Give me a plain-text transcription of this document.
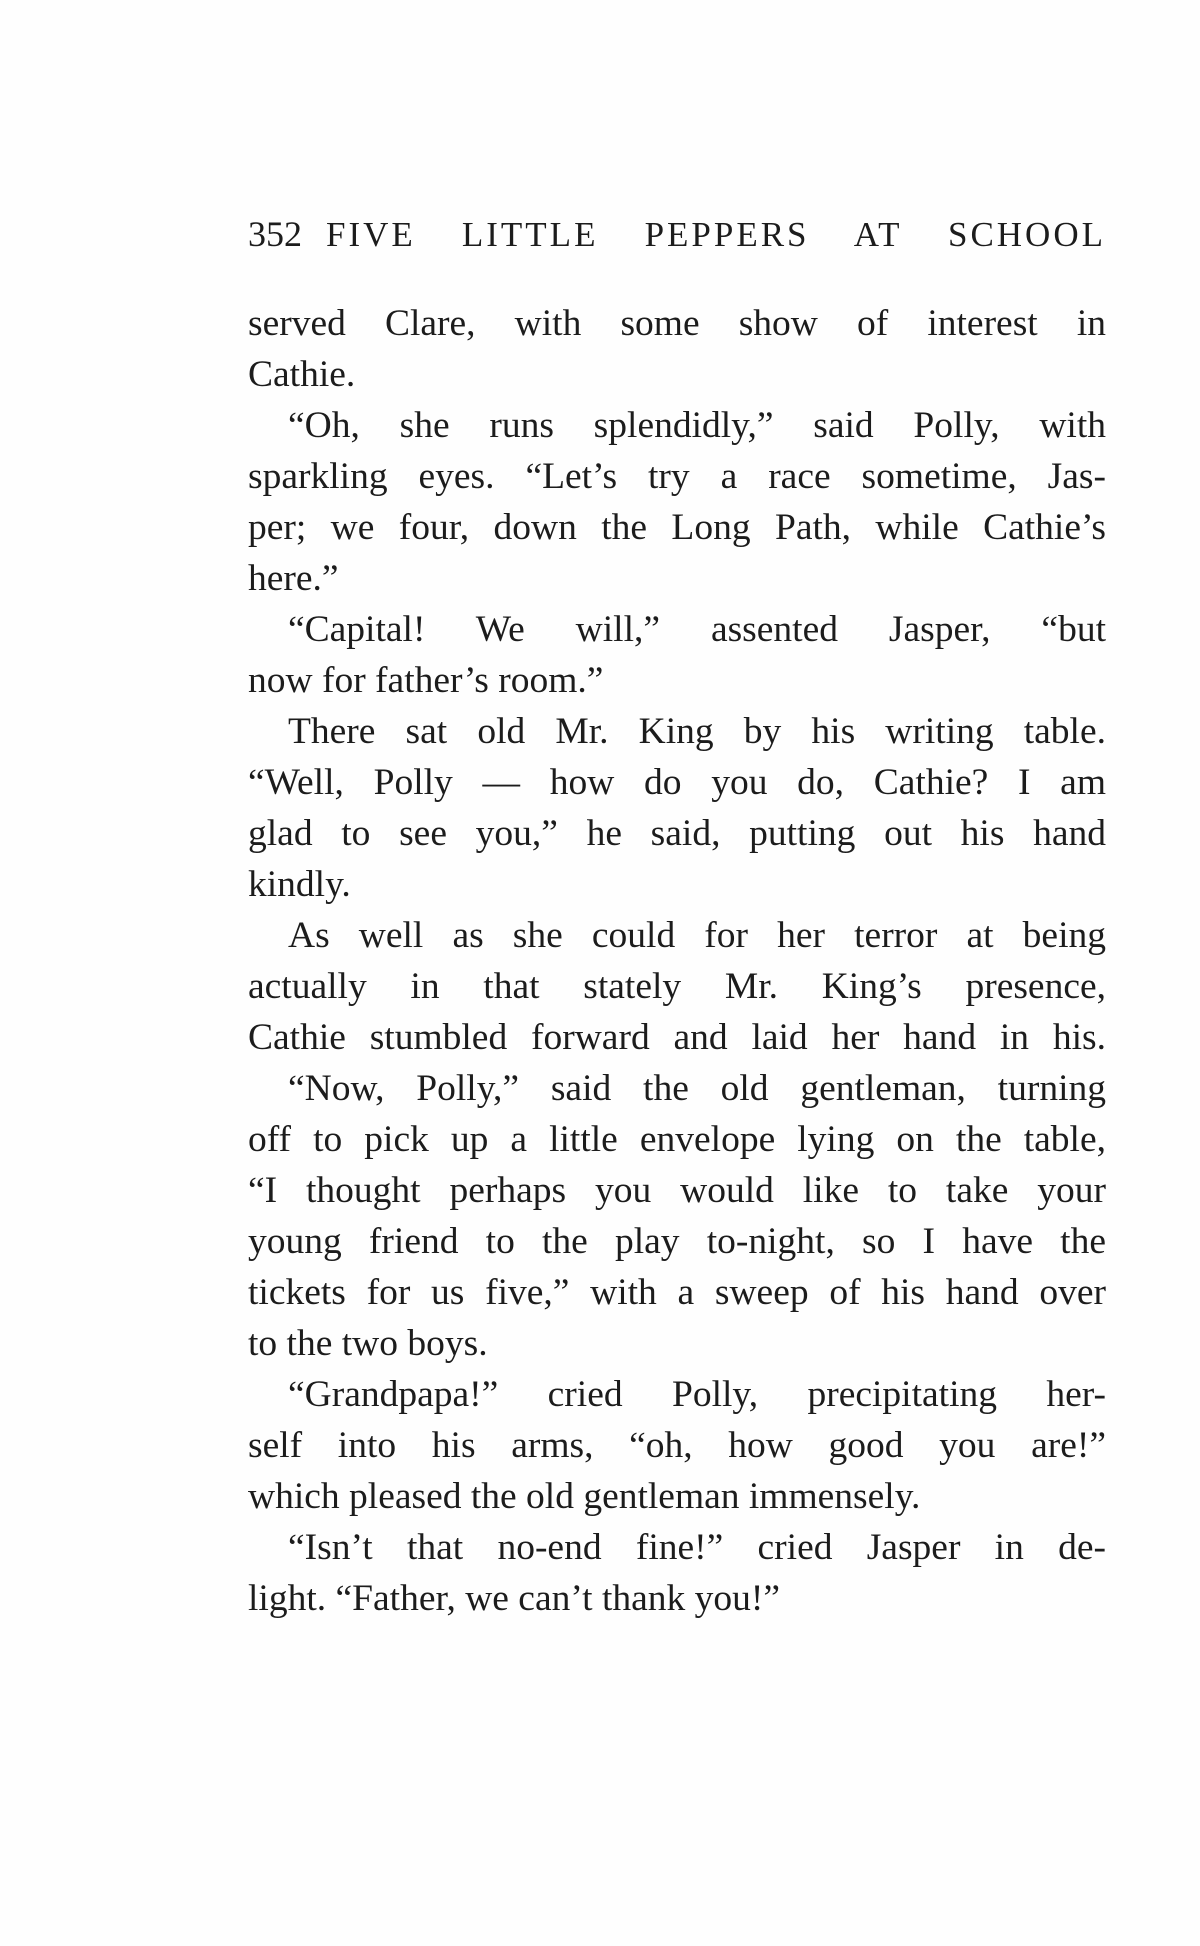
352 FIVE LITTLE PEPPERS AT SCHOOL

served Clare, with some show of interest in
Cathie.

“Oh, she runs splendidly,” said Polly, with
sparkling eyes. “Let’s try a race sometime, Jas-
per; we four, down the Long Path, while Cathie’s
here.”

“Capital! We will,” assented Jasper, “but
now for father’s room.”

There sat old Mr. King by his writing table.
“Well, Polly — how do you do, Cathie? I am
glad to see you,” he said, putting out his hand
kindly.

As well as she could for her terror at being
actually in that stately Mr. King’s presence,
Cathie stumbled forward and laid her hand in his.

“Now, Polly,” said the old gentleman, turning
off to pick up a little envelope lying on the table,
“I thought perhaps you would like to take your
young friend to the play to-night, so I have the
tickets for us five,” with a sweep of his hand over
to the two boys.

“Grandpapa!” cried Polly, precipitating her-
self into his arms, “oh, how good you are!”
which pleased the old gentleman immensely.

“Isn’t that no-end fine!” cried Jasper in de-
light. “Father, we can’t thank you!”
